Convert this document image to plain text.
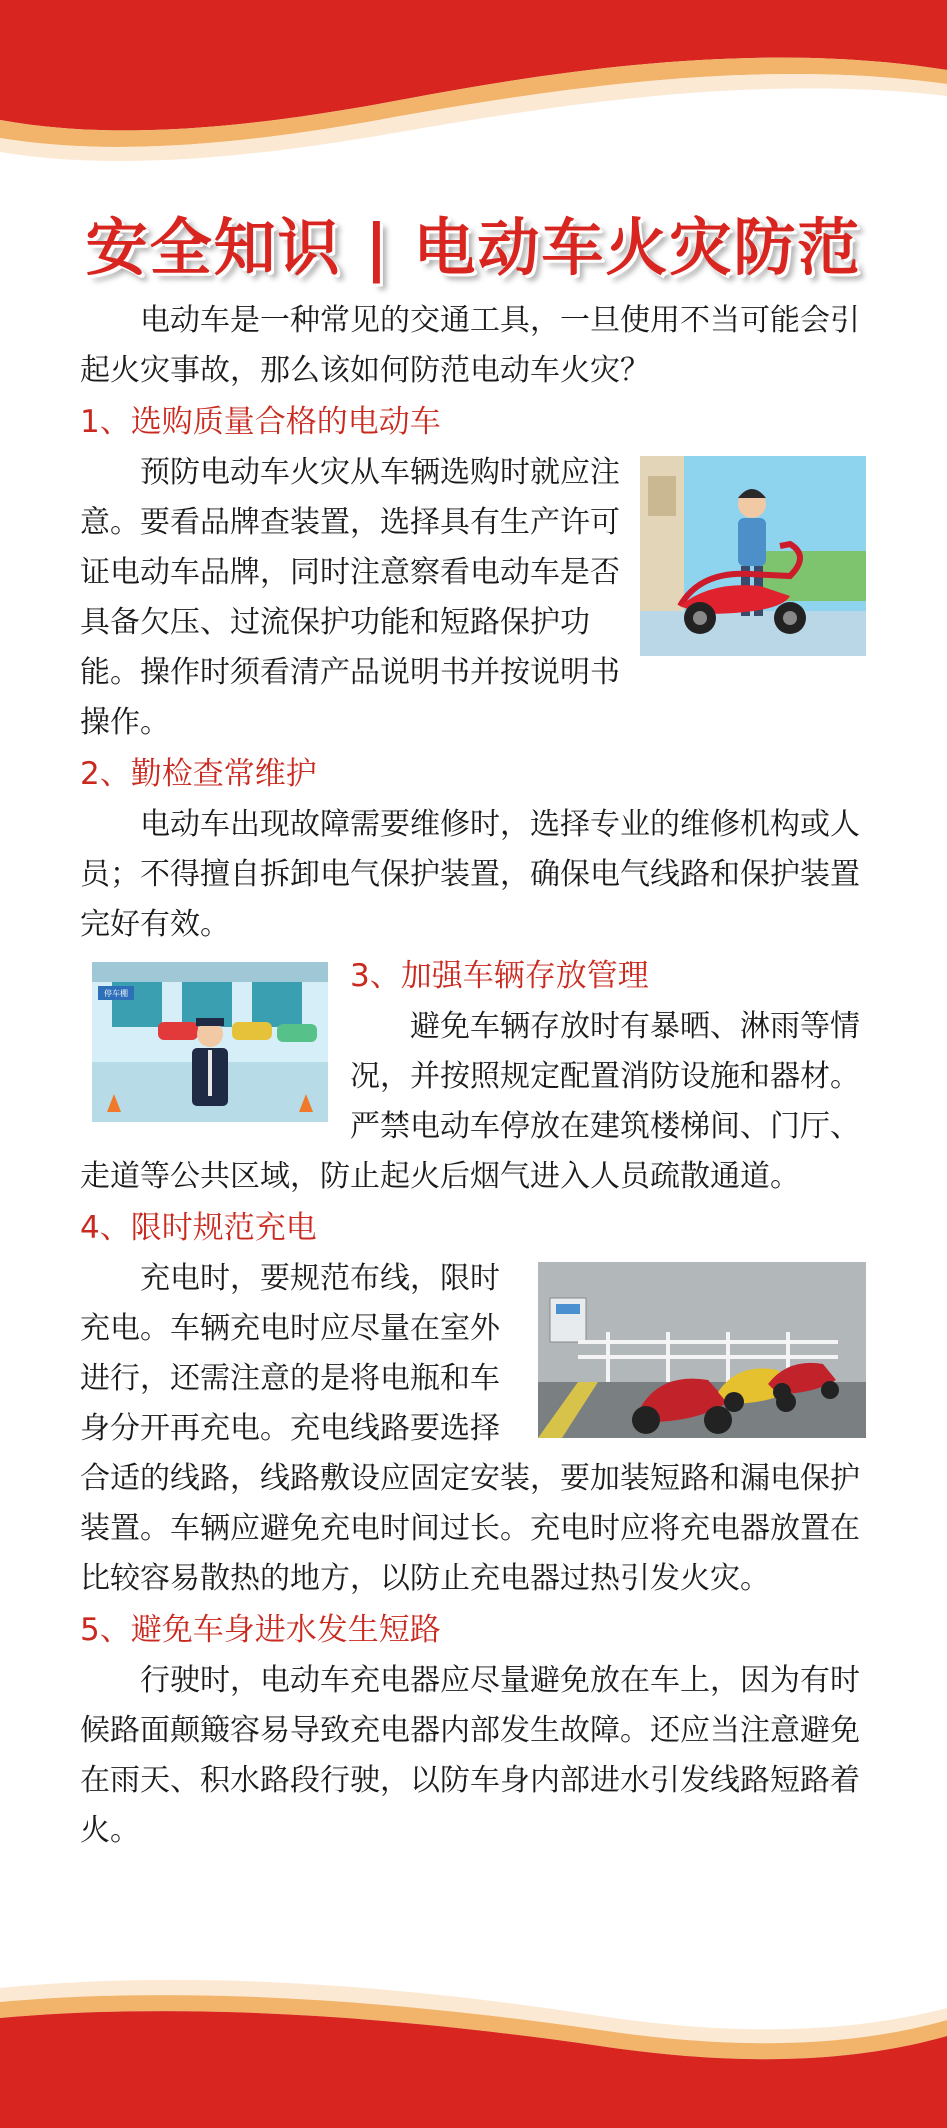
安全知识 | 电动车火灾防范

电动车是一种常见的交通工具，一旦使用不当可能会引起火灾事故，那么该如何防范电动车火灾？

1、选购质量合格的电动车

预防电动车火灾从车辆选购时就应注意。要看品牌查装置，选择具有生产许可证电动车品牌，同时注意察看电动车是否具备欠压、过流保护功能和短路保护功能。操作时须看清产品说明书并按说明书操作。

2、勤检查常维护

电动车出现故障需要维修时，选择专业的维修机构或人员；不得擅自拆卸电气保护装置，确保电气线路和保护装置完好有效。

停车棚	3、加强车辆存放管理

避免车辆存放时有暴晒、淋雨等情况，并按照规定配置消防设施和器材。严禁电动车停放在建筑楼梯间、门厅、走道等公共区域，防止起火后烟气进入人员疏散通道。

4、限时规范充电

充电时，要规范布线，限时充电。车辆充电时应尽量在室外进行，还需注意的是将电瓶和车身分开再充电。充电线路要选择合适的线路，线路敷设应固定安装，要加装短路和漏电保护装置。车辆应避免充电时间过长。充电时应将充电器放置在比较容易散热的地方，以防止充电器过热引发火灾。

5、避免车身进水发生短路

行驶时，电动车充电器应尽量避免放在车上，因为有时候路面颠簸容易导致充电器内部发生故障。还应当注意避免在雨天、积水路段行驶，以防车身内部进水引发线路短路着火。
